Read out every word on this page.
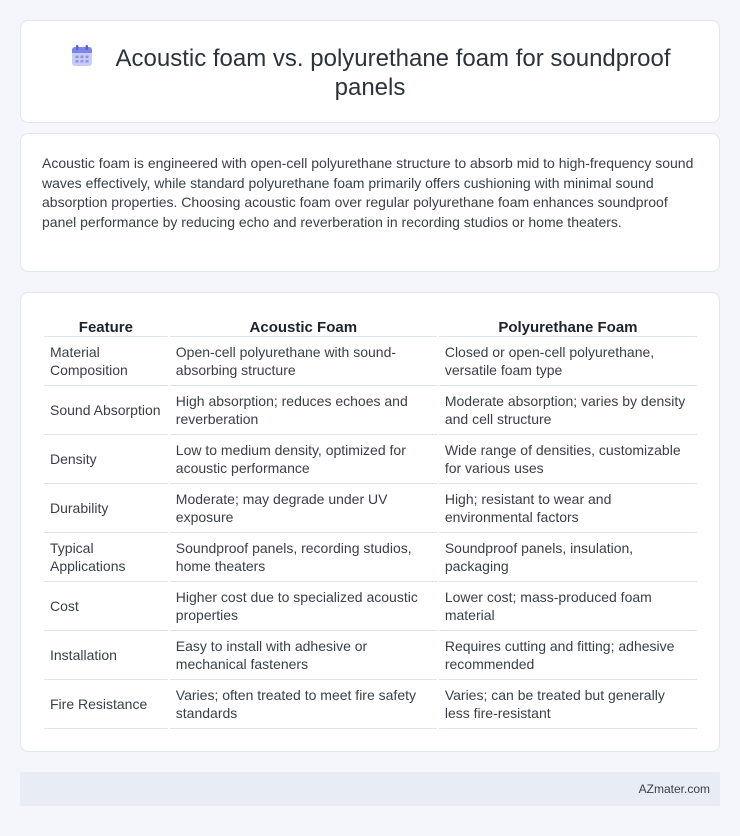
Acoustic foam vs. polyurethane foam for soundproof panels

Acoustic foam is engineered with open-cell polyurethane structure to absorb mid to high-frequency sound waves effectively, while standard polyurethane foam primarily offers cushioning with minimal sound absorption properties. Choosing acoustic foam over regular polyurethane foam enhances soundproof panel performance by reducing echo and reverberation in recording studios or home theaters.

Feature	Acoustic Foam	Polyurethane Foam
Material Composition	Open-cell polyurethane with sound-absorbing structure	Closed or open-cell polyurethane, versatile foam type
Sound Absorption	High absorption; reduces echoes and reverberation	Moderate absorption; varies by density and cell structure
Density	Low to medium density, optimized for acoustic performance	Wide range of densities, customizable for various uses
Durability	Moderate; may degrade under UV exposure	High; resistant to wear and environmental factors
Typical Applications	Soundproof panels, recording studios, home theaters	Soundproof panels, insulation, packaging
Cost	Higher cost due to specialized acoustic properties	Lower cost; mass-produced foam material
Installation	Easy to install with adhesive or mechanical fasteners	Requires cutting and fitting; adhesive recommended
Fire Resistance	Varies; often treated to meet fire safety standards	Varies; can be treated but generally less fire-resistant
AZmater.com
